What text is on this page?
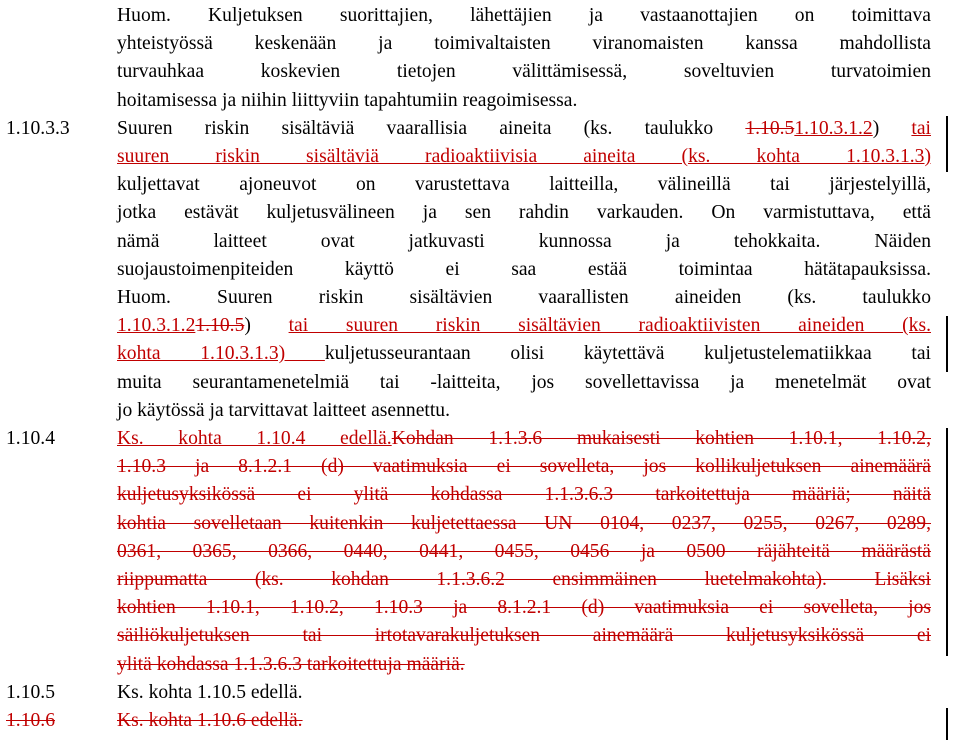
Huom. Kuljetuksen suorittajien, lähettäjien ja vastaanottajien on toimittava
yhteistyössä keskenään ja toimivaltaisten viranomaisten kanssa mahdollista
turvauhkaa koskevien tietojen välittämisessä, soveltuvien turvatoimien
hoitamisessa ja niihin liittyviin tapahtumiin reagoimisessa.
1.10.3.3 Suuren riskin sisältäviä vaarallisia aineita (ks. taulukko 1.10.51.10.3.1.2) tai
suuren riskin sisältäviä radioaktiivisia aineita (ks. kohta 1.10.3.1.3)
kuljettavat ajoneuvot on varustettava laitteilla, välineillä tai järjestelyillä,
jotka estävät kuljetusvälineen ja sen rahdin varkauden. On varmistuttava, että
nämä laitteet ovat jatkuvasti kunnossa ja tehokkaita. Näiden
suojaustoimenpiteiden käyttö ei saa estää toimintaa hätätapauksissa.
Huom. Suuren riskin sisältävien vaarallisten aineiden (ks. taulukko
1.10.3.1.21.10.5) tai suuren riskin sisältävien radioaktiivisten aineiden (ks.
kohta 1.10.3.1.3) kuljetusseurantaan olisi käytettävä kuljetustelematiikkaa tai
muita seurantamenetelmiä tai -laitteita, jos sovellettavissa ja menetelmät ovat
jo käytössä ja tarvittavat laitteet asennettu.
1.10.4	Ks. kohta 1.10.4 edellä.Kohdan 1.1.3.6 mukaisesti kohtien 1.10.1, 1.10.2,
1.10.3 ja 8.1.2.1 (d) vaatimuksia ei sovelleta, jos kollikuljetuksen ainemäärä
kuljetusyksikössä ei ylitä kohdassa 1.1.3.6.3 tarkoitettuja määriä; näitä
kohtia sovelletaan kuitenkin kuljetettaessa UN 0104, 0237, 0255, 0267, 0289,
0361, 0365, 0366, 0440, 0441, 0455, 0456 ja 0500 räjähteitä määrästä
riippumatta (ks. kohdan 1.1.3.6.2 ensimmäinen luetelmakohta). Lisäksi
kohtien 1.10.1, 1.10.2, 1.10.3 ja 8.1.2.1 (d) vaatimuksia ei sovelleta, jos
säiliökuljetuksen tai irtotavarakuljetuksen ainemäärä kuljetusyksikössä ei
ylitä kohdassa 1.1.3.6.3 tarkoitettuja määriä.
1.10.5	Ks. kohta 1.10.5 edellä.
1.10.6	Ks. kohta 1.10.6 edellä.
